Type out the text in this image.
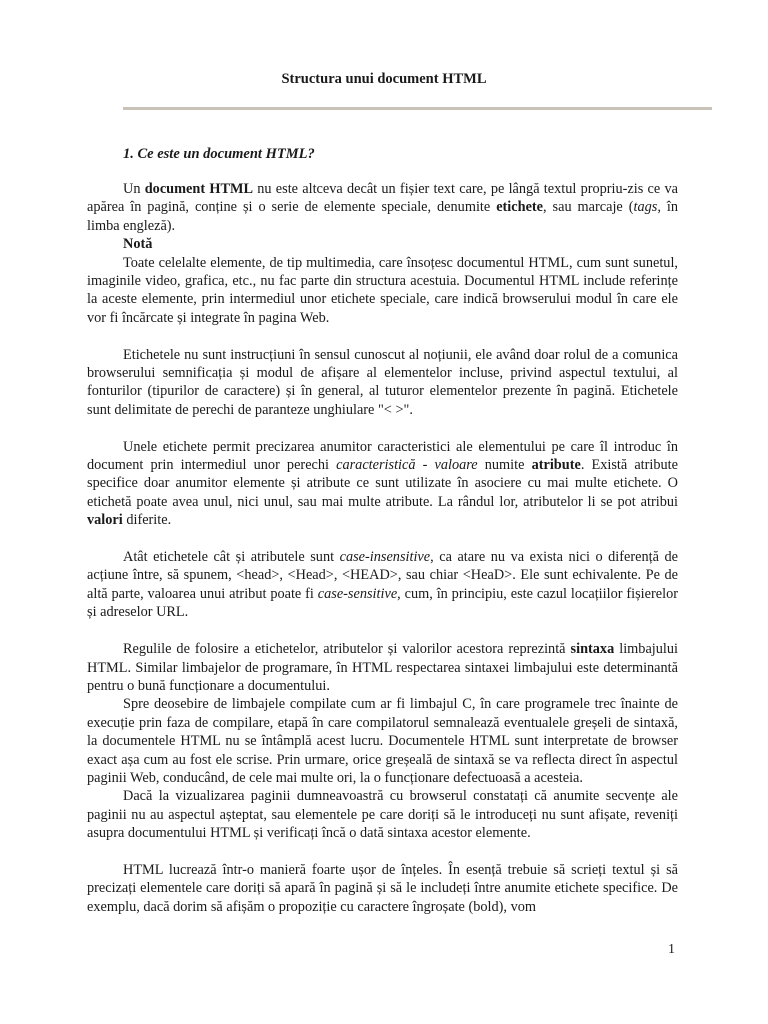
Structura unui document HTML
1. Ce este un document HTML?

Un document HTML nu este altceva decât un fișier text care, pe lângă textul propriu-zis ce va apărea în pagină, conține și o serie de elemente speciale, denumite etichete, sau marcaje (tags, în limba engleză).

Notă

Toate celelalte elemente, de tip multimedia, care însoțesc documentul HTML, cum sunt sunetul, imaginile video, grafica, etc., nu fac parte din structura acestuia. Documentul HTML include referințe la aceste elemente, prin intermediul unor etichete speciale, care indică browserului modul în care ele vor fi încărcate și integrate în pagina Web.

Etichetele nu sunt instrucțiuni în sensul cunoscut al noțiunii, ele având doar rolul de a comunica browserului semnificația și modul de afișare al elementelor incluse, privind aspectul textului, al fonturilor (tipurilor de caractere) și în general, al tuturor elementelor prezente în pagină. Etichetele sunt delimitate de perechi de paranteze unghiulare "< >".

Unele etichete permit precizarea anumitor caracteristici ale elementului pe care îl introduc în document prin intermediul unor perechi caracteristică - valoare numite atribute. Există atribute specifice doar anumitor elemente și atribute ce sunt utilizate în asociere cu mai multe etichete. O etichetă poate avea unul, nici unul, sau mai multe atribute. La rândul lor, atributelor li se pot atribui valori diferite.

Atât etichetele cât și atributele sunt case-insensitive, ca atare nu va exista nici o diferență de acțiune între, să spunem, <head>, <Head>, <HEAD>, sau chiar <HeaD>. Ele sunt echivalente. Pe de altă parte, valoarea unui atribut poate fi case-sensitive, cum, în principiu, este cazul locațiilor fișierelor și adreselor URL.

Regulile de folosire a etichetelor, atributelor și valorilor acestora reprezintă sintaxa limbajului HTML. Similar limbajelor de programare, în HTML respectarea sintaxei limbajului este determinantă pentru o bună funcționare a documentului.

Spre deosebire de limbajele compilate cum ar fi limbajul C, în care programele trec înainte de execuție prin faza de compilare, etapă în care compilatorul semnalează eventualele greșeli de sintaxă, la documentele HTML nu se întâmplă acest lucru. Documentele HTML sunt interpretate de browser exact așa cum au fost ele scrise. Prin urmare, orice greșeală de sintaxă se va reflecta direct în aspectul paginii Web, conducând, de cele mai multe ori, la o funcționare defectuoasă a acesteia.

Dacă la vizualizarea paginii dumneavoastră cu browserul constatați că anumite secvențe ale paginii nu au aspectul așteptat, sau elementele pe care doriți să le introduceți nu sunt afișate, reveniți asupra documentului HTML și verificați încă o dată sintaxa acestor elemente.

HTML lucrează într-o manieră foarte ușor de înțeles. În esență trebuie să scrieți textul și să precizați elementele care doriți să apară în pagină și să le includeți între anumite etichete specifice. De exemplu, dacă dorim să afișăm o propoziție cu caractere îngroșate (bold), vom

1
